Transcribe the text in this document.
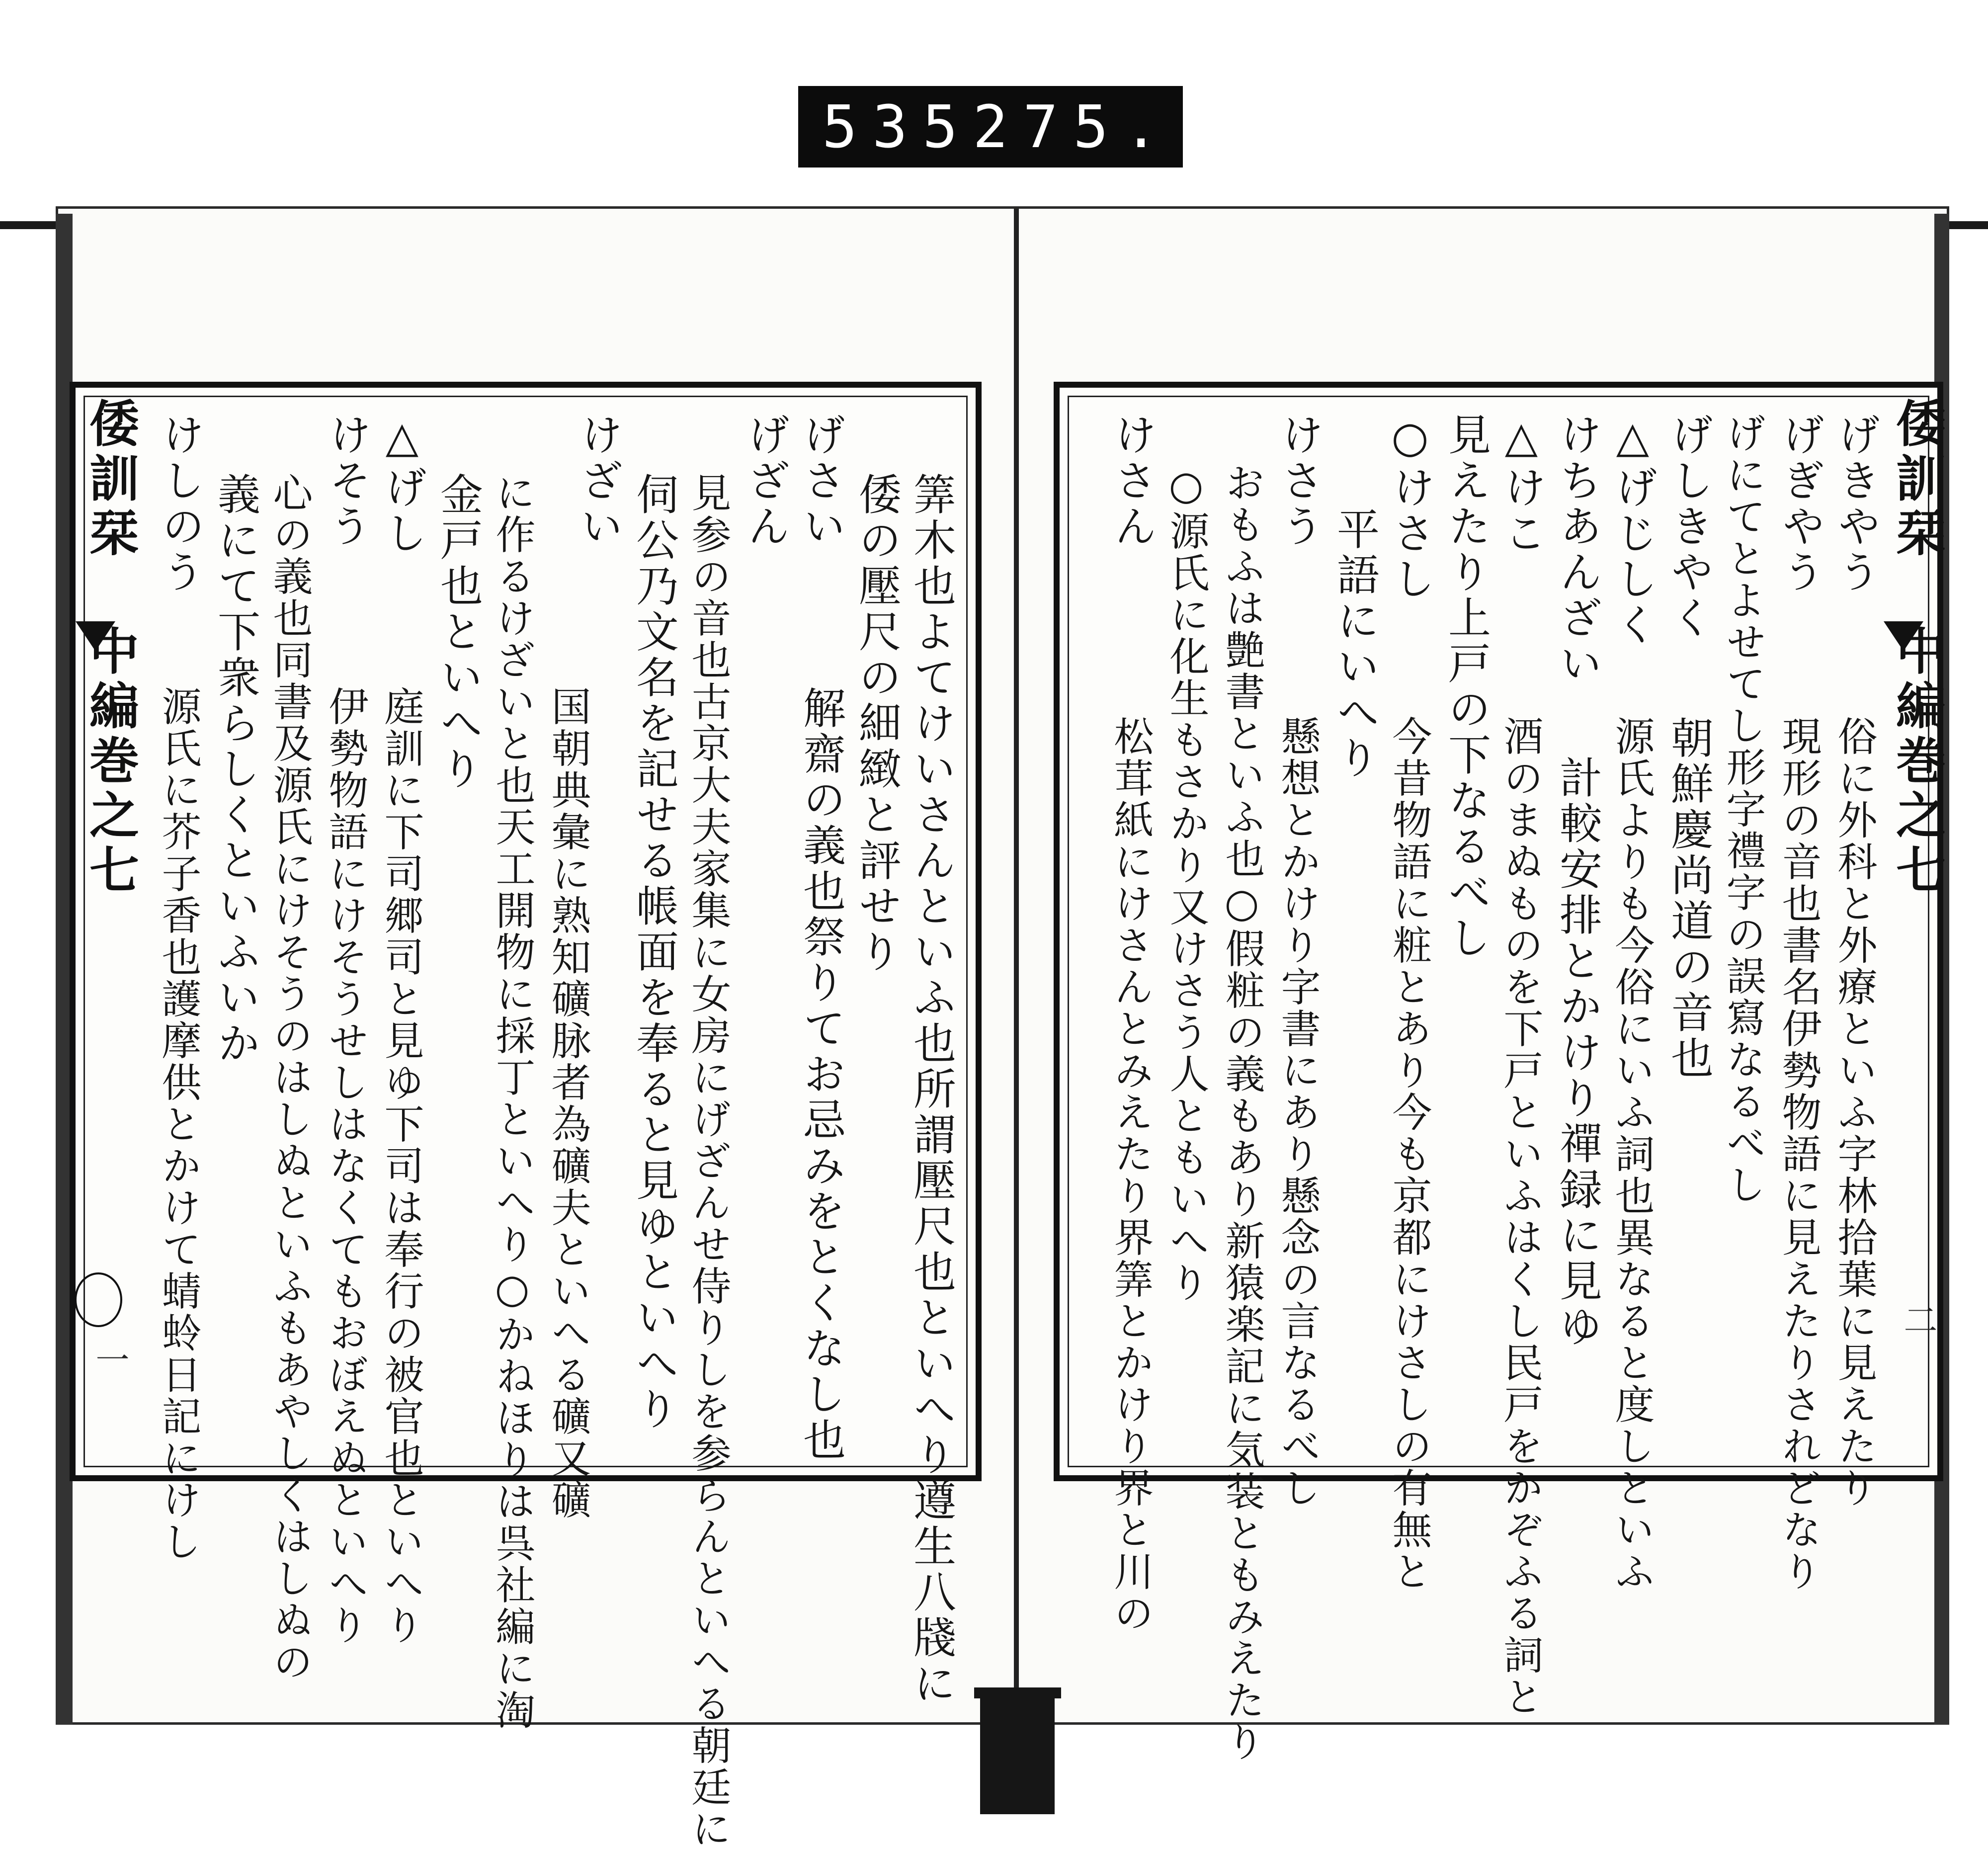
535 275.
倭訓栞 中編巻之七
一	筭木也よてけいさんといふ也所謂壓尺也といへり遵生八牋に
倭の壓尺の細緻と評せり
げさい
解齋の義也祭りてお忌みをとくなし也
げざん
見参の音也古京大夫家集に女房にげざんせ侍りしを参らんといへる朝廷に
伺公乃文名を記せる帳面を奉ると見ゆといへり
けざい
国朝典彙に熟知礦脉者為礦夫といへる礦又礦
に作るけざいと也天工開物に採丁といへり○かねほりは呉社編に淘
金戸也といへり
△げし
庭訓に下司郷司と見ゆ下司は奉行の被官也といへり
けそう
伊勢物語にけそうせしはなくてもおぼえぬといへり
心の義也同書及源氏にけそうのはしぬといふもあやしくはしぬの
義にて下衆らしくといふいか
けしのう
源氏に芥子香也護摩供とかけて蜻蛉日記にけし
倭訓栞 中編巻之七
二
げきやう
俗に外科と外療といふ字林拾葉に見えたり
げぎやう
現形の音也書名伊勢物語に見えたりされどなり
げにてとよせてし形字禮字の誤寫なるべし
げしきやく
朝鮮慶尚道の音也
△げじしく
源氏よりも今俗にいふ詞也異なると度しといふ
けちあんざい
計較安排とかけり禪録に見ゆ
△けこ
酒のまぬものを下戸といふはくし民戸をかぞふる詞と
見えたり上戸の下なるべし
○けさし
今昔物語に粧とあり今も京都にけさしの有無と
平語にいへり
けさう
懸想とかけり字書にあり懸念の言なるべし
おもふは艶書といふ也○假粧の義もあり新猿楽記に気装ともみえたり
○源氏に化生もさかり又けさう人ともいへり
けさん
松茸紙にけさんとみえたり界筭とかけり界と川の
